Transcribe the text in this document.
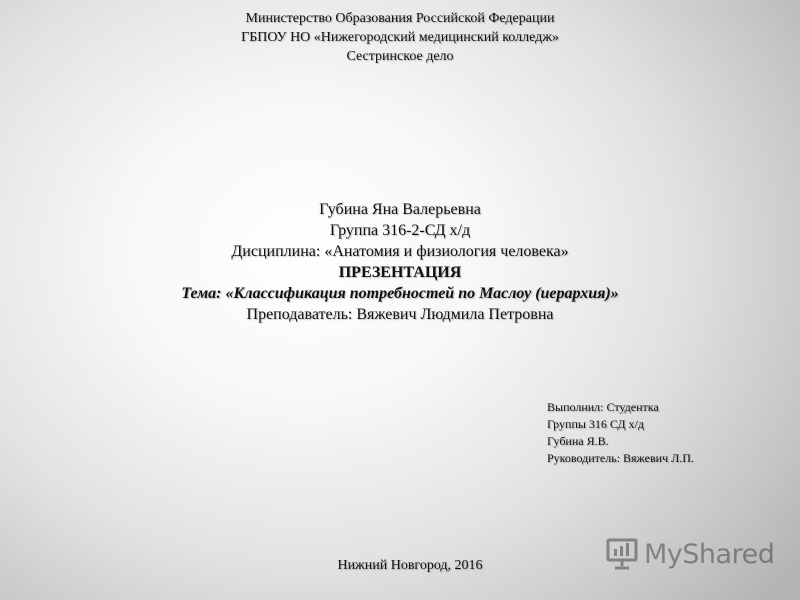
Министерство Образования Российской Федерации
ГБПОУ НО «Нижегородский медицинский колледж»
Сестринское дело
Губина Яна Валерьевна
Группа 316-2-СД х/д
Дисциплина: «Анатомия и физиология человека»
ПРЕЗЕНТАЦИЯ
Тема: «Классификация потребностей по Маслоу (иерархия)»
Преподаватель: Вяжевич Людмила Петровна
Выполнил: Студентка
Группы 316 СД х/д
Губина Я.В.
Руководитель: Вяжевич Л.П.
Нижний Новгород, 2016	MyShared
